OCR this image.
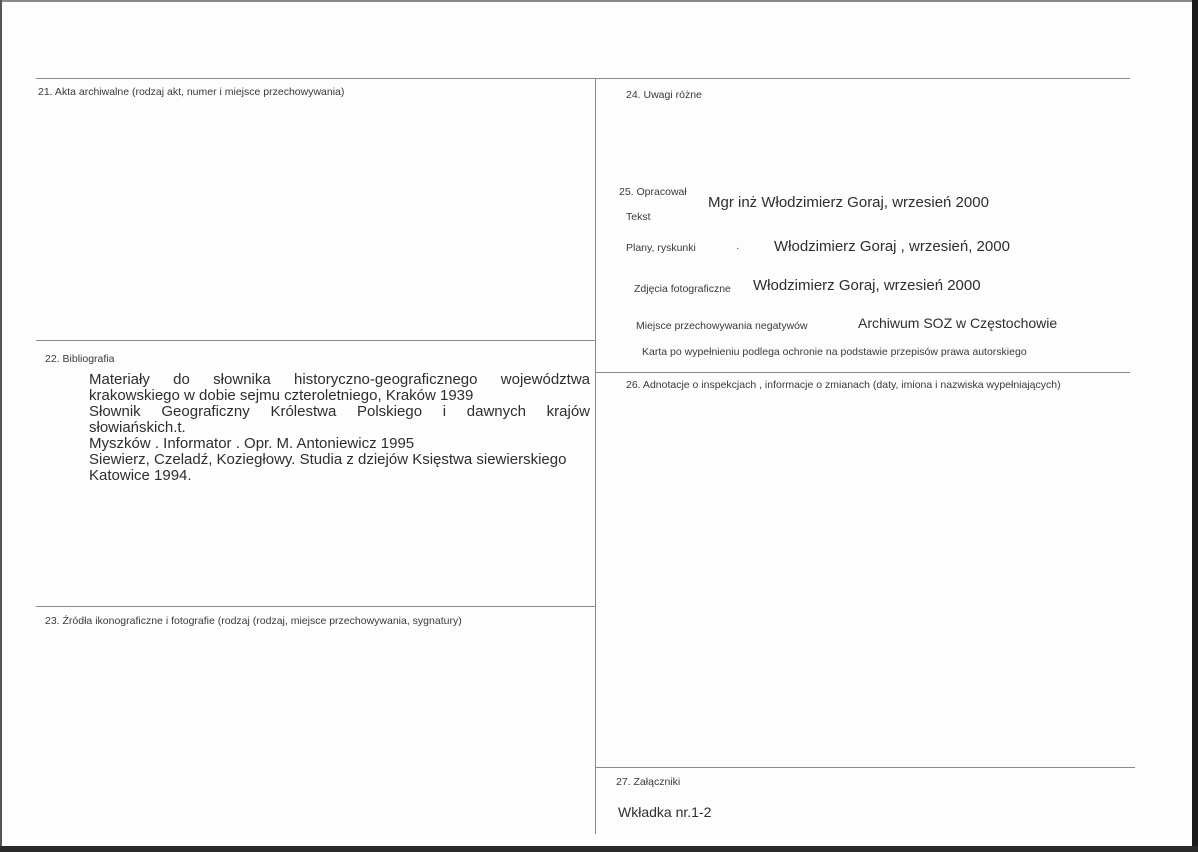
21. Akta archiwalne (rodzaj akt, numer i miejsce przechowywania)
22. Bibliografia
Materiały do słownika historyczno-geograficznego województwa
krakowskiego w dobie sejmu czteroletniego, Kraków 1939
Słownik Geograficzny Królestwa Polskiego i dawnych krajów
słowiańskich.t.
Myszków . Informator . Opr. M. Antoniewicz 1995
Siewierz, Czeladź, Koziegłowy. Studia z dziejów Księstwa siewierskiego
Katowice 1994.
23. Źródła ikonograficzne i fotografie (rodzaj (rodzaj, miejsce przechowywania, sygnatury)
24. Uwagi różne
25. Opracował
Tekst
Mgr inż Włodzimierz Goraj, wrzesień 2000
Plany, ryskunki	· Włodzimierz Goraj , wrzesień, 2000
Zdjęcia fotograficzne Włodzimierz Goraj, wrzesień 2000
Miejsce przechowywania negatywów	Archiwum SOZ w Częstochowie
Karta po wypełnieniu podlega ochronie na podstawie przepisów prawa autorskiego
26. Adnotacje o inspekcjach , informacje o zmianach (daty, imiona i nazwiska wypełniających)
27. Załączniki
Wkładka nr.1-2
